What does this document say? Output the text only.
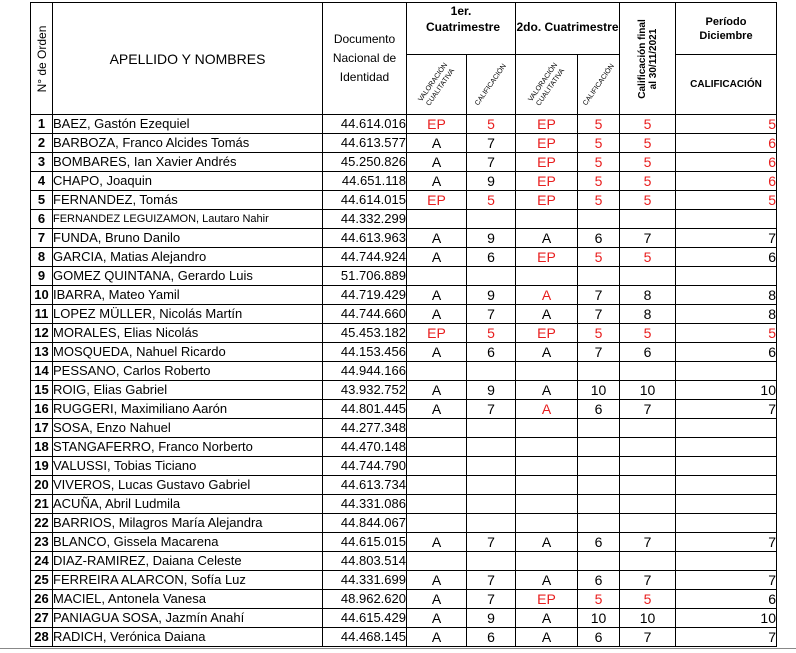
N° de Orden	APELLIDO Y NOMBRES	Documento Nacional de Identidad	1er. Cuatrimestre		2do. Cuatrimestre		Calificación final al 30/11/2021	Período Diciembre

			VALORACIÓN CUALITATIVA	CALIFICACIÓN	VALORACIÓN CUALITATIVA	CALIFICACIÓN		CALIFICACIÓN
1	BAEZ, Gastón Ezequiel	44.614.016	EP	5	EP	5	5	5
2	BARBOZA, Franco Alcides Tomás	44.613.577	A	7	EP	5	5	6
3	BOMBARES, Ian Xavier Andrés	45.250.826	A	7	EP	5	5	6
4	CHAPO, Joaquin	44.651.118	A	9	EP	5	5	6
5	FERNANDEZ, Tomás	44.614.015	EP	5	EP	5	5	5
6	FERNANDEZ LEGUIZAMON, Lautaro Nahir	44.332.299						
7	FUNDA, Bruno Danilo	44.613.963	A	9	A	6	7	7
8	GARCIA, Matias Alejandro	44.744.924	A	6	EP	5	5	6
9	GOMEZ QUINTANA, Gerardo Luis	51.706.889						
10	IBARRA, Mateo Yamil	44.719.429	A	9	A	7	8	8
11	LOPEZ MÜLLER, Nicolás Martín	44.744.660	A	7	A	7	8	8
12	MORALES, Elias Nicolás	45.453.182	EP	5	EP	5	5	5
13	MOSQUEDA, Nahuel Ricardo	44.153.456	A	6	A	7	6	6
14	PESSANO, Carlos Roberto	44.944.166						
15	ROIG, Elias Gabriel	43.932.752	A	9	A	10	10	10
16	RUGGERI, Maximiliano Aarón	44.801.445	A	7	A	6	7	7
17	SOSA, Enzo Nahuel	44.277.348						
18	STANGAFERRO, Franco Norberto	44.470.148						
19	VALUSSI, Tobias Ticiano	44.744.790						
20	VIVEROS, Lucas Gustavo Gabriel	44.613.734						
21	ACUÑA, Abril Ludmila	44.331.086						
22	BARRIOS, Milagros María Alejandra	44.844.067						
23	BLANCO, Gissela Macarena	44.615.015	A	7	A	6	7	7
24	DIAZ-RAMIREZ, Daiana Celeste	44.803.514						
25	FERREIRA ALARCON, Sofía Luz	44.331.699	A	7	A	6	7	7
26	MACIEL, Antonela Vanesa	48.962.620	A	7	EP	5	5	6
27	PANIAGUA SOSA, Jazmín Anahí	44.615.429	A	9	A	10	10	10
28	RADICH, Verónica Daiana	44.468.145	A	6	A	6	7	7
